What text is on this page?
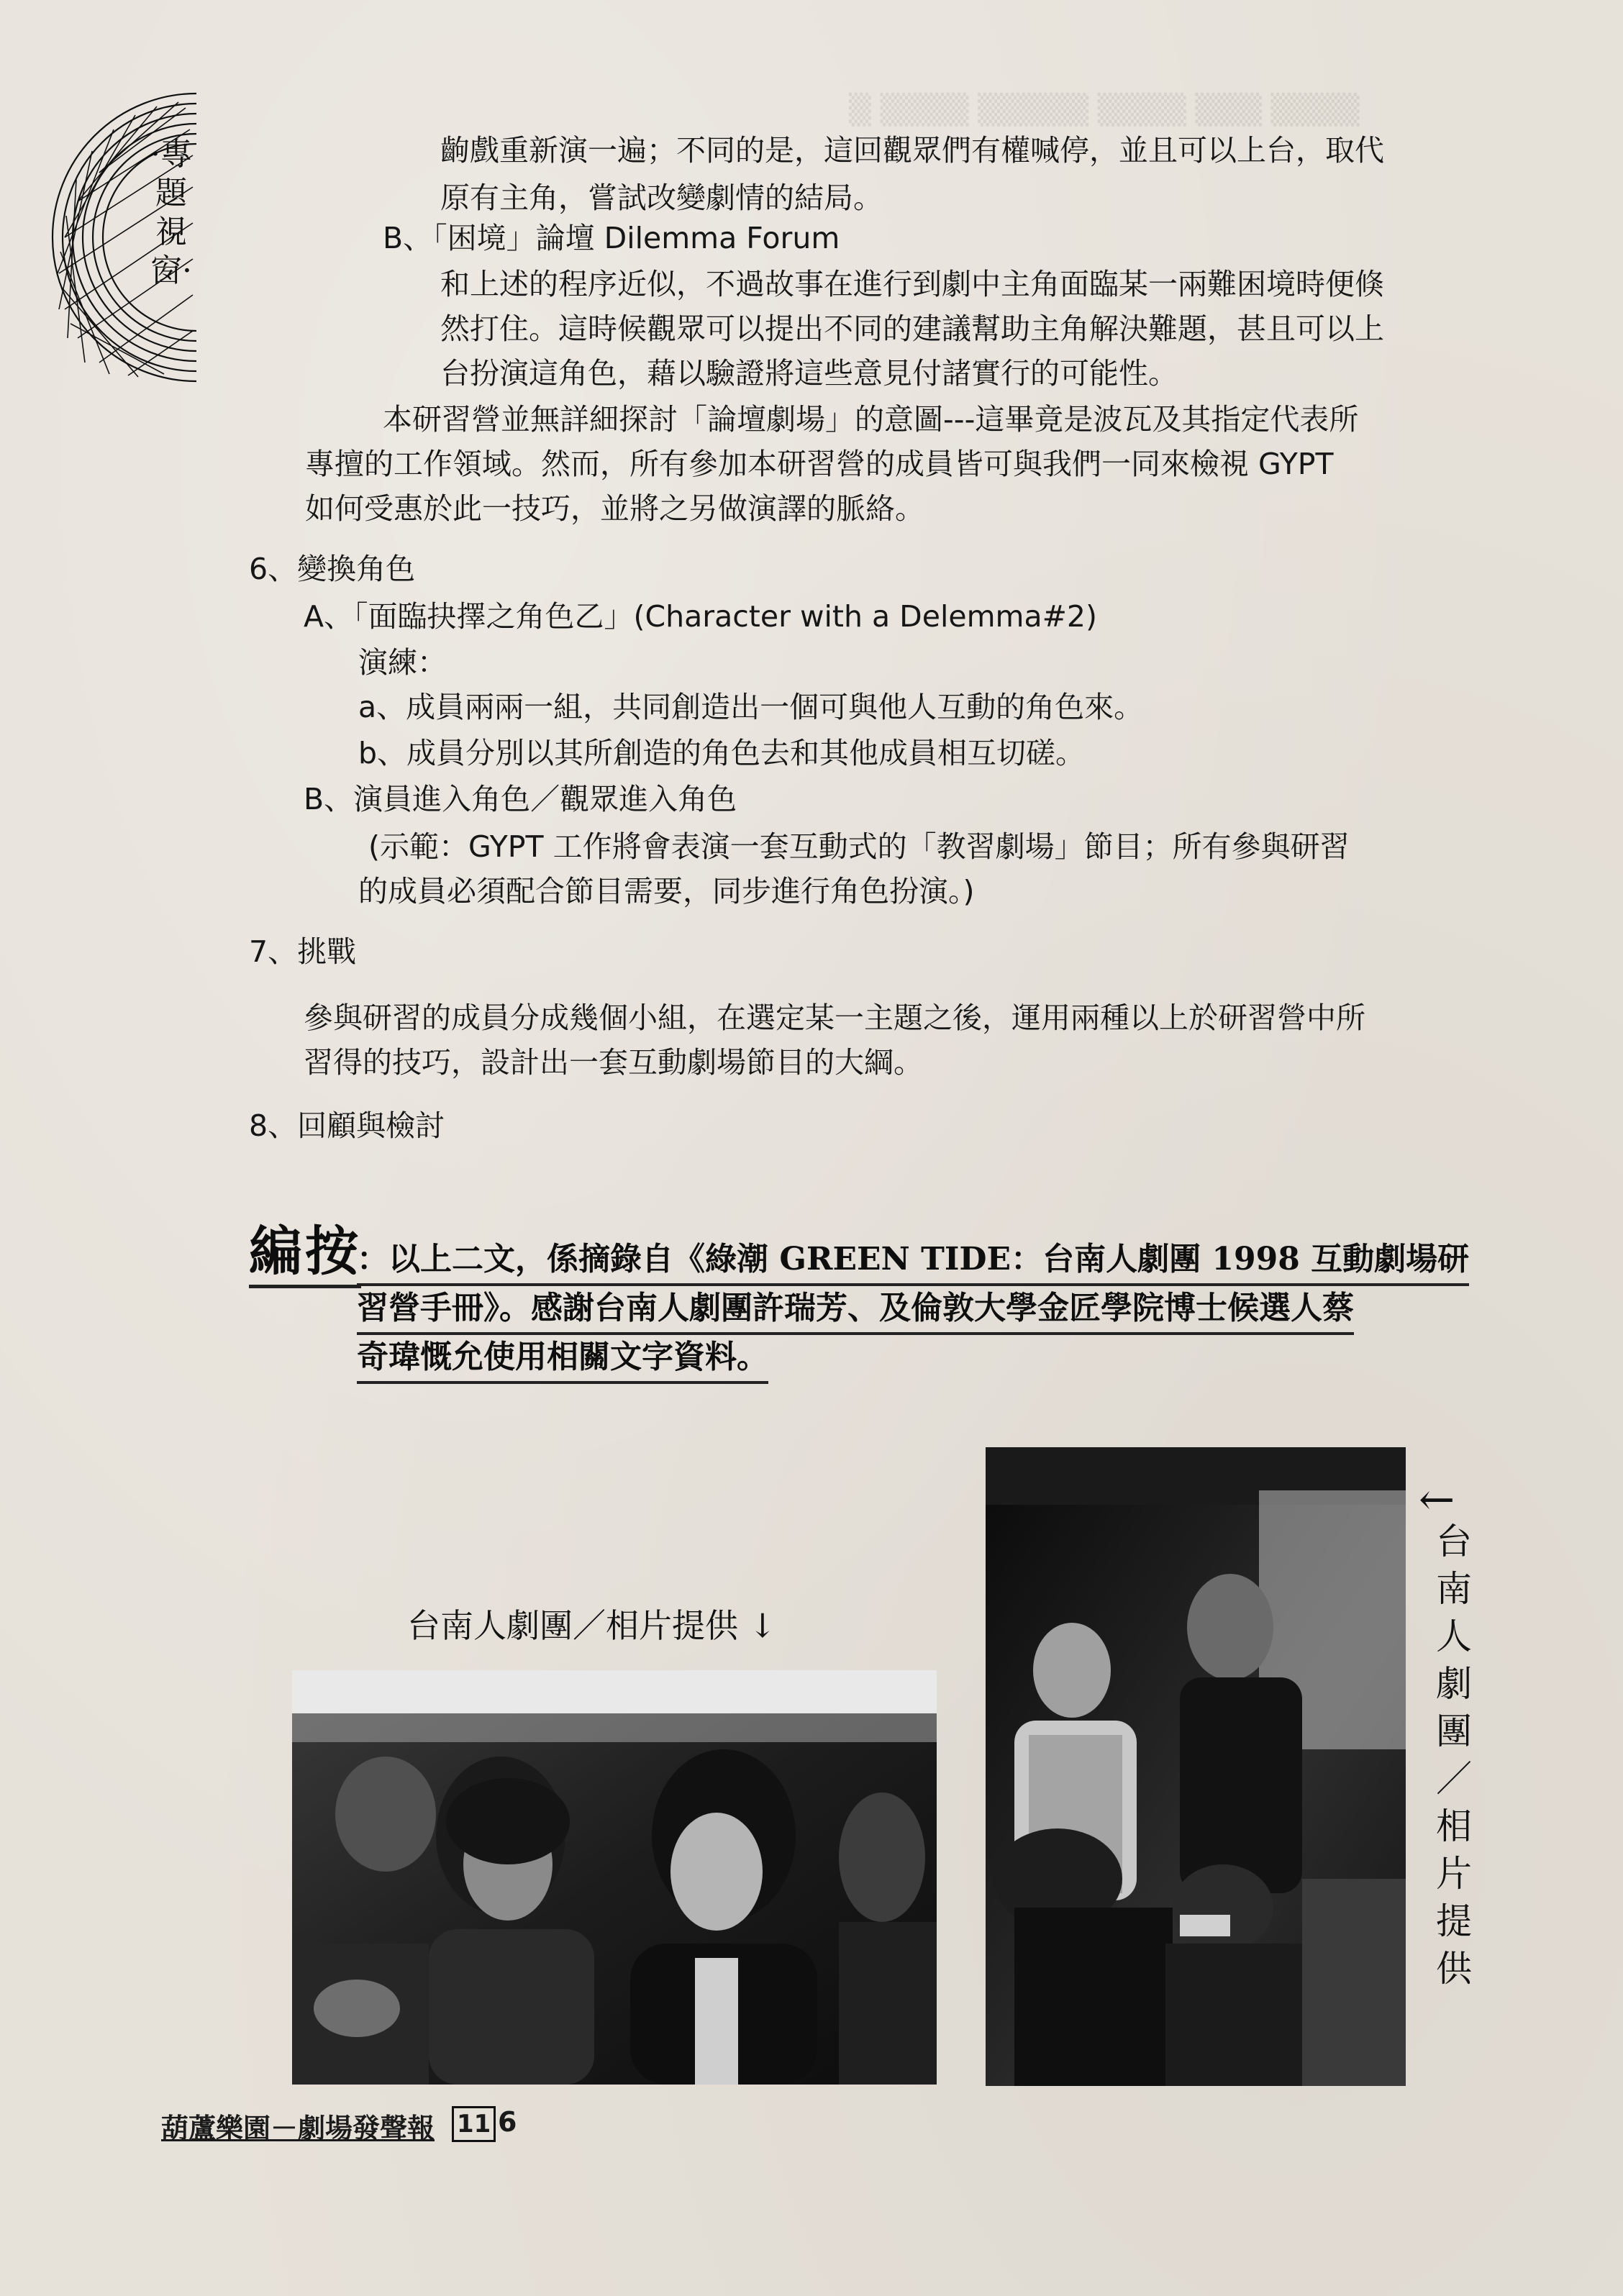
▒ ▒▒▒▒ ▒▒▒▒▒ ▒▒▒▒ ▒▒▒ ▒▒▒▒
·專題視窗·
齣戲重新演一遍；不同的是，這回觀眾們有權喊停，並且可以上台，取代
原有主角，嘗試改變劇情的結局。
B、「困境」論壇 Dilemma Forum
和上述的程序近似，不過故事在進行到劇中主角面臨某一兩難困境時便倏
然打住。這時候觀眾可以提出不同的建議幫助主角解決難題，甚且可以上
台扮演這角色，藉以驗證將這些意見付諸實行的可能性。
本研習營並無詳細探討「論壇劇場」的意圖---這畢竟是波瓦及其指定代表所
專擅的工作領域。然而，所有參加本研習營的成員皆可與我們一同來檢視 GYPT
如何受惠於此一技巧，並將之另做演譯的脈絡。
6、變換角色
A、「面臨抉擇之角色乙」(Character with a Delemma#2)
演練：
a、成員兩兩一組，共同創造出一個可與他人互動的角色來。
b、成員分別以其所創造的角色去和其他成員相互切磋。
B、演員進入角色／觀眾進入角色
(示範：GYPT 工作將會表演一套互動式的「教習劇場」節目；所有參與研習
的成員必須配合節目需要，同步進行角色扮演。)
7、挑戰
參與研習的成員分成幾個小組，在選定某一主題之後，運用兩種以上於研習營中所
習得的技巧，設計出一套互動劇場節目的大綱。
8、回顧與檢討
編按
：以上二文，係摘錄自《綠潮 GREEN TIDE：台南人劇團 1998 互動劇場研
習營手冊》。感謝台南人劇團許瑞芳、及倫敦大學金匠學院博士候選人蔡
奇瑋慨允使用相關文字資料。
台南人劇團／相片提供 ↓
←
台南人劇團／相片提供
葫蘆樂園－劇場發聲報 11 6
